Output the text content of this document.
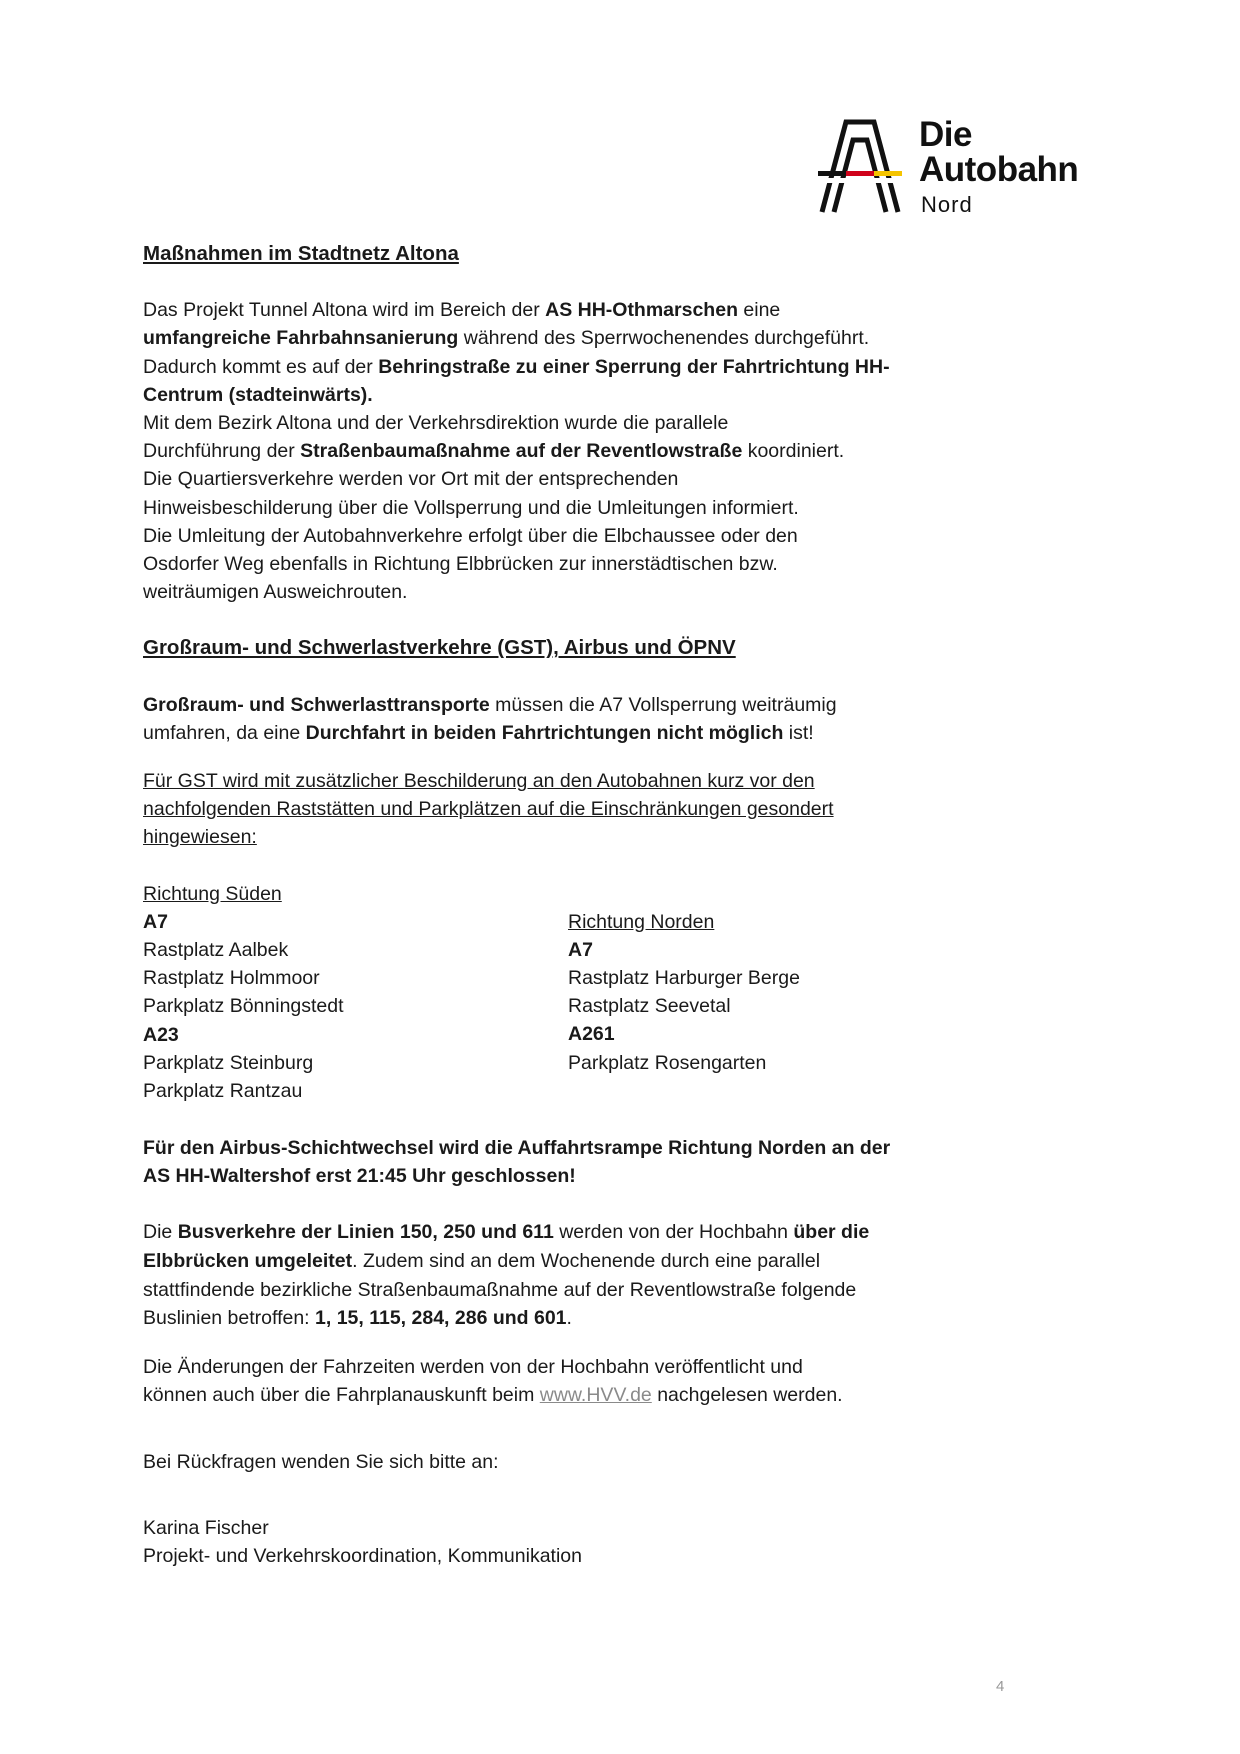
Die
Autobahn
Nord

Maßnahmen im Stadtnetz Altona

Das Projekt Tunnel Altona wird im Bereich der AS HH-Othmarschen eine
umfangreiche Fahrbahnsanierung während des Sperrwochenendes durchgeführt.
Dadurch kommt es auf der Behringstraße zu einer Sperrung der Fahrtrichtung HH-
Centrum (stadteinwärts).
Mit dem Bezirk Altona und der Verkehrsdirektion wurde die parallele
Durchführung der Straßenbaumaßnahme auf der Reventlowstraße koordiniert.
Die Quartiersverkehre werden vor Ort mit der entsprechenden
Hinweisbeschilderung über die Vollsperrung und die Umleitungen informiert.
Die Umleitung der Autobahnverkehre erfolgt über die Elbchaussee oder den
Osdorfer Weg ebenfalls in Richtung Elbbrücken zur innerstädtischen bzw.
weiträumigen Ausweichrouten.

Großraum- und Schwerlastverkehre (GST), Airbus und ÖPNV

Großraum- und Schwerlasttransporte müssen die A7 Vollsperrung weiträumig
umfahren, da eine Durchfahrt in beiden Fahrtrichtungen nicht möglich ist!

Für GST wird mit zusätzlicher Beschilderung an den Autobahnen kurz vor den
nachfolgenden Raststätten und Parkplätzen auf die Einschränkungen gesondert
hingewiesen:

Richtung Süden
A7
Rastplatz Aalbek
Rastplatz Holmmoor
Parkplatz Bönningstedt
A23
Parkplatz Steinburg
Parkplatz Rantzau
Richtung Norden
A7
Rastplatz Harburger Berge
Rastplatz Seevetal
A261
Parkplatz Rosengarten

Für den Airbus-Schichtwechsel wird die Auffahrtsrampe Richtung Norden an der
AS HH-Waltershof erst 21:45 Uhr geschlossen!

Die Busverkehre der Linien 150, 250 und 611 werden von der Hochbahn über die
Elbbrücken umgeleitet. Zudem sind an dem Wochenende durch eine parallel
stattfindende bezirkliche Straßenbaumaßnahme auf der Reventlowstraße folgende
Buslinien betroffen: 1, 15, 115, 284, 286 und 601.

Die Änderungen der Fahrzeiten werden von der Hochbahn veröffentlicht und
können auch über die Fahrplanauskunft beim www.HVV.de nachgelesen werden.

Bei Rückfragen wenden Sie sich bitte an:

Karina Fischer

Projekt- und Verkehrskoordination, Kommunikation

4
